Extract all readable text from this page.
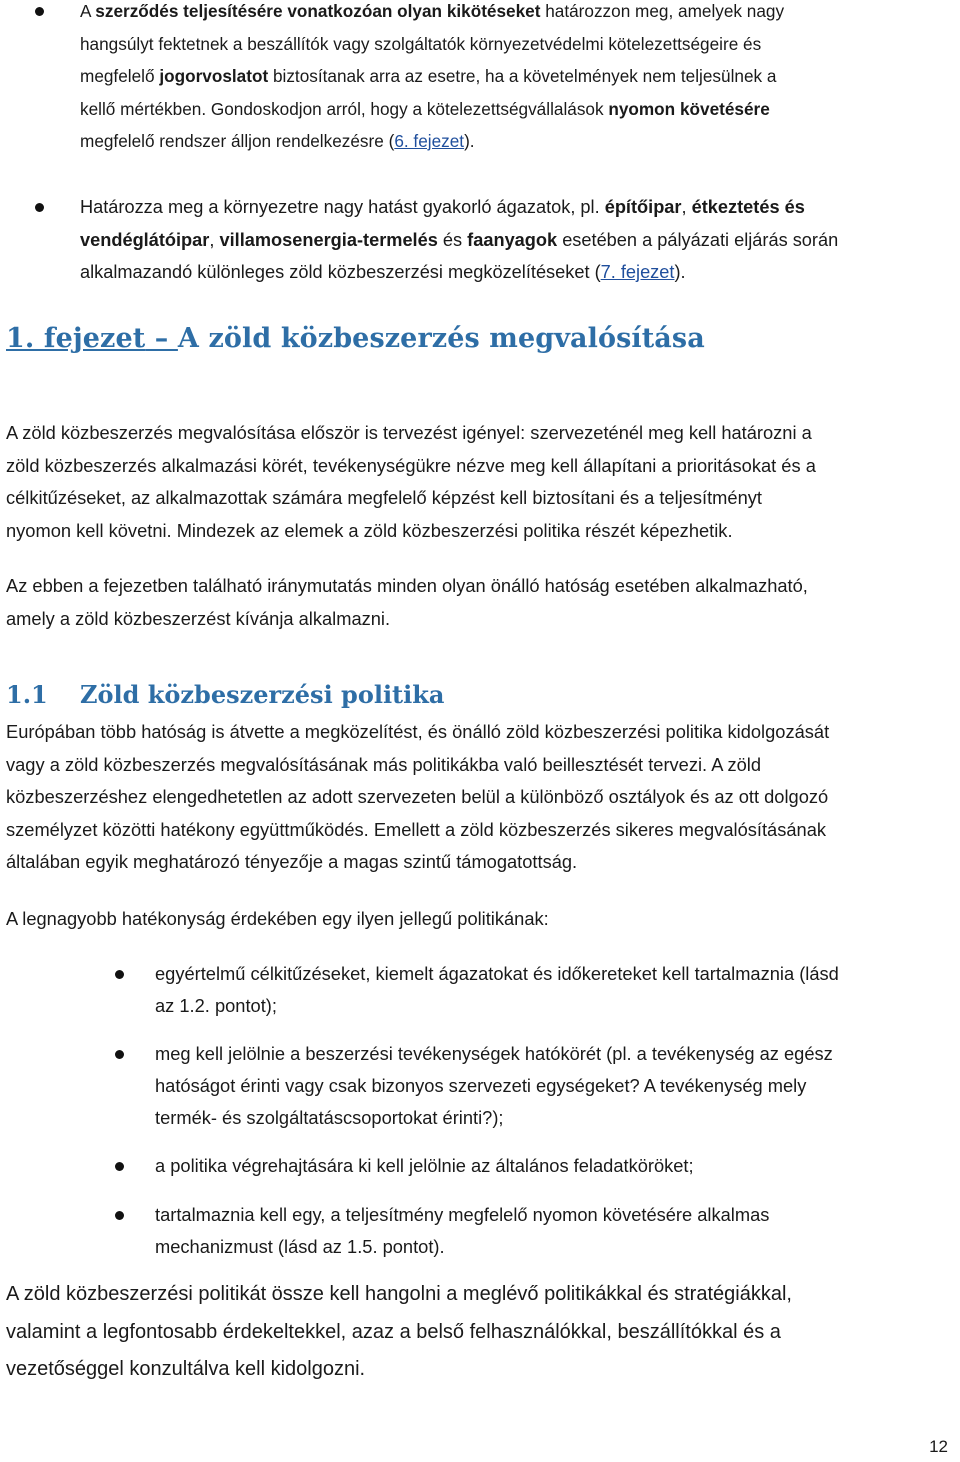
A szerződés teljesítésére vonatkozóan olyan kikötéseket határozzon meg, amelyek nagy
hangsúlyt fektetnek a beszállítók vagy szolgáltatók környezetvédelmi kötelezettségeire és
megfelelő jogorvoslatot biztosítanak arra az esetre, ha a követelmények nem teljesülnek a
kellő mértékben. Gondoskodjon arról, hogy a kötelezettségvállalások nyomon követésére
megfelelő rendszer álljon rendelkezésre (6. fejezet).
Határozza meg a környezetre nagy hatást gyakorló ágazatok, pl. építőipar, étkeztetés és
vendéglátóipar, villamosenergia-termelés és faanyagok esetében a pályázati eljárás során
alkalmazandó különleges zöld közbeszerzési megközelítéseket (7. fejezet).
1. fejezet – A zöld közbeszerzés megvalósítása
A zöld közbeszerzés megvalósítása először is tervezést igényel: szervezeténél meg kell határozni a
zöld közbeszerzés alkalmazási körét, tevékenységükre nézve meg kell állapítani a prioritásokat és a
célkitűzéseket, az alkalmazottak számára megfelelő képzést kell biztosítani és a teljesítményt
nyomon kell követni. Mindezek az elemek a zöld közbeszerzési politika részét képezhetik.
Az ebben a fejezetben található iránymutatás minden olyan önálló hatóság esetében alkalmazható,
amely a zöld közbeszerzést kívánja alkalmazni.
1.1 Zöld közbeszerzési politika
Európában több hatóság is átvette a megközelítést, és önálló zöld közbeszerzési politika kidolgozását
vagy a zöld közbeszerzés megvalósításának más politikákba való beillesztését tervezi. A zöld
közbeszerzéshez elengedhetetlen az adott szervezeten belül a különböző osztályok és az ott dolgozó
személyzet közötti hatékony együttműködés. Emellett a zöld közbeszerzés sikeres megvalósításának
általában egyik meghatározó tényezője a magas szintű támogatottság.
A legnagyobb hatékonyság érdekében egy ilyen jellegű politikának:
egyértelmű célkitűzéseket, kiemelt ágazatokat és időkereteket kell tartalmaznia (lásd
az 1.2. pontot);
meg kell jelölnie a beszerzési tevékenységek hatókörét (pl. a tevékenység az egész
hatóságot érinti vagy csak bizonyos szervezeti egységeket? A tevékenység mely
termék- és szolgáltatáscsoportokat érinti?);
a politika végrehajtására ki kell jelölnie az általános feladatköröket;
tartalmaznia kell egy, a teljesítmény megfelelő nyomon követésére alkalmas
mechanizmust (lásd az 1.5. pontot).
A zöld közbeszerzési politikát össze kell hangolni a meglévő politikákkal és stratégiákkal,
valamint a legfontosabb érdekeltekkel, azaz a belső felhasználókkal, beszállítókkal és a
vezetőséggel konzultálva kell kidolgozni.
12
